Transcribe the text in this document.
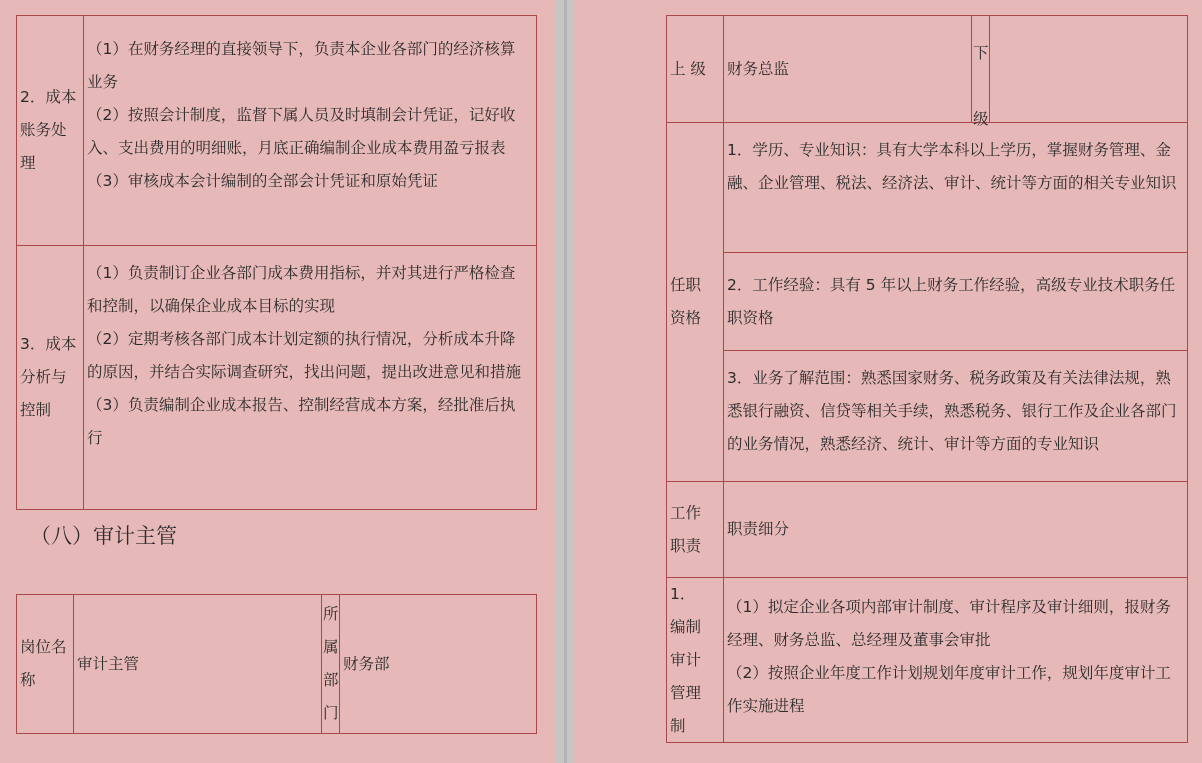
2．成本账务处理
（1）在财务经理的直接领导下，负责本企业各部门的经济核算业务
（2）按照会计制度，监督下属人员及时填制会计凭证，记好收入、支出费用的明细账，月底正确编制企业成本费用盈亏报表
（3）审核成本会计编制的全部会计凭证和原始凭证
3．成本分析与控制
（1）负责制订企业各部门成本费用指标，并对其进行严格检查和控制，以确保企业成本目标的实现
（2）定期考核各部门成本计划定额的执行情况，分析成本升降的原因，并结合实际调查研究，找出问题，提出改进意见和措施
（3）负责编制企业成本报告、控制经营成本方案，经批准后执行
（八）审计主管
岗位名称
审计主管
所属部门
财务部
上 级	财务总监
下级
任职资格
1．学历、专业知识：具有大学本科以上学历，掌握财务管理、金融、企业管理、税法、经济法、审计、统计等方面的相关专业知识
2．工作经验：具有 5 年以上财务工作经验，高级专业技术职务任职资格
3．业务了解范围：熟悉国家财务、税务政策及有关法律法规，熟悉银行融资、信贷等相关手续，熟悉税务、银行工作及企业各部门的业务情况，熟悉经济、统计、审计等方面的专业知识
工作职责
职责细分
1．编制审计管理制
（1）拟定企业各项内部审计制度、审计程序及审计细则，报财务经理、财务总监、总经理及董事会审批
（2）按照企业年度工作计划规划年度审计工作，规划年度审计工作实施进程
